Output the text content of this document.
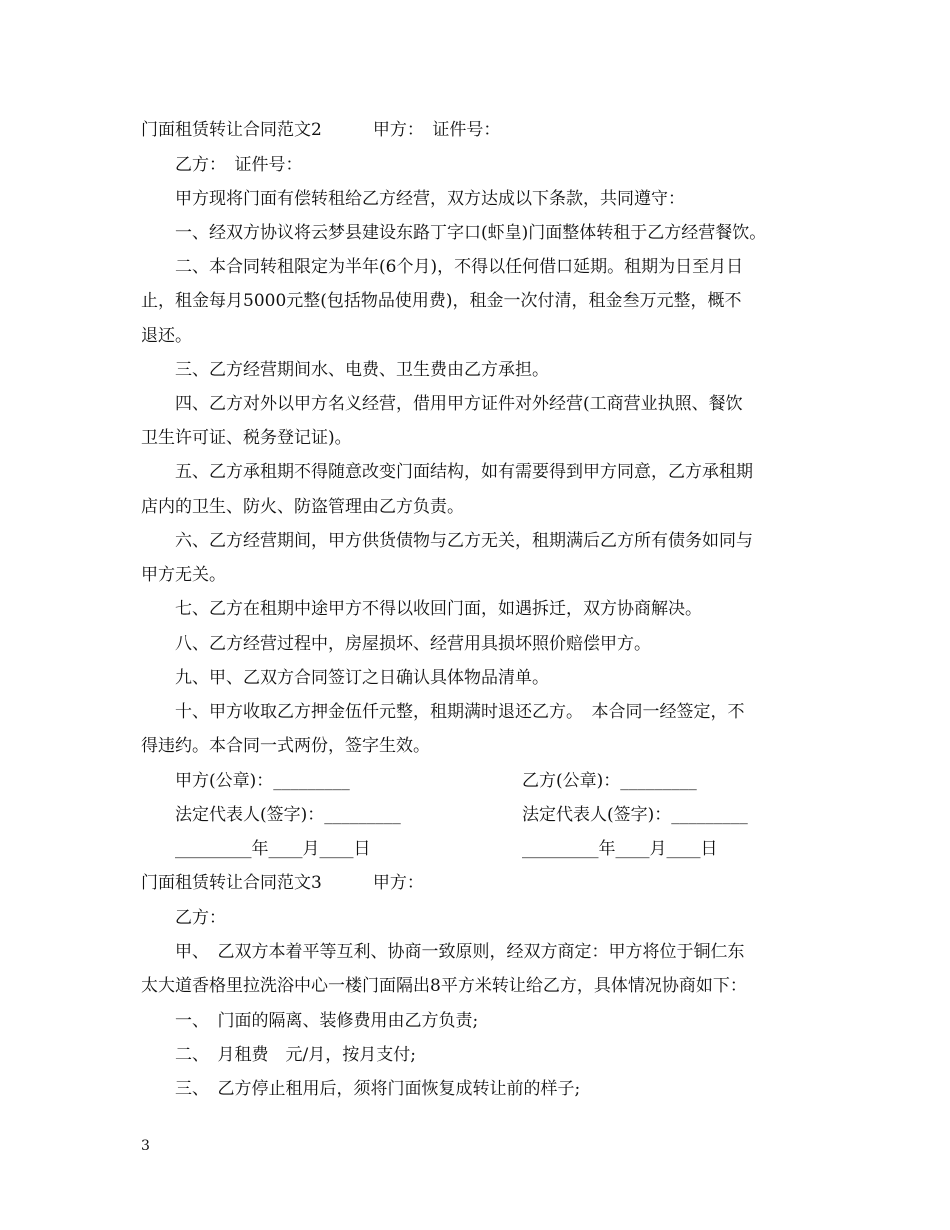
门面租赁转让合同范文2　　　甲方：　证件号：
乙方：　证件号：
甲方现将门面有偿转租给乙方经营，双方达成以下条款，共同遵守：
一、经双方协议将云梦县建设东路丁字口(虾皇)门面整体转租于乙方经营餐饮。
二、本合同转租限定为半年(6个月)，不得以任何借口延期。租期为日至月日
止，租金每月5000元整(包括物品使用费)，租金一次付清，租金叁万元整，概不
退还。
三、乙方经营期间水、电费、卫生费由乙方承担。
四、乙方对外以甲方名义经营，借用甲方证件对外经营(工商营业执照、餐饮
卫生许可证、税务登记证)。
五、乙方承租期不得随意改变门面结构，如有需要得到甲方同意，乙方承租期
店内的卫生、防火、防盗管理由乙方负责。
六、乙方经营期间，甲方供货债物与乙方无关，租期满后乙方所有债务如同与
甲方无关。
七、乙方在租期中途甲方不得以收回门面，如遇拆迁，双方协商解决。
八、乙方经营过程中，房屋损坏、经营用具损坏照价赔偿甲方。
九、甲、乙双方合同签订之日确认具体物品清单。
十、甲方收取乙方押金伍仟元整，租期满时退还乙方。　本合同一经签定，不
得违约。本合同一式两份，签字生效。
甲方(公章)：_________	乙方(公章)：_________
法定代表人(签字)：_________	法定代表人(签字)：_________
_________年____月____日	_________年____月____日
门面租赁转让合同范文3　　　甲方：
乙方：
甲、　乙双方本着平等互利、协商一致原则，经双方商定：甲方将位于铜仁东
太大道香格里拉洗浴中心一楼门面隔出8平方米转让给乙方，具体情况协商如下：
一、　门面的隔离、装修费用由乙方负责;
二、　月租费　元/月，按月支付;
三、　乙方停止租用后，须将门面恢复成转让前的样子;
3
